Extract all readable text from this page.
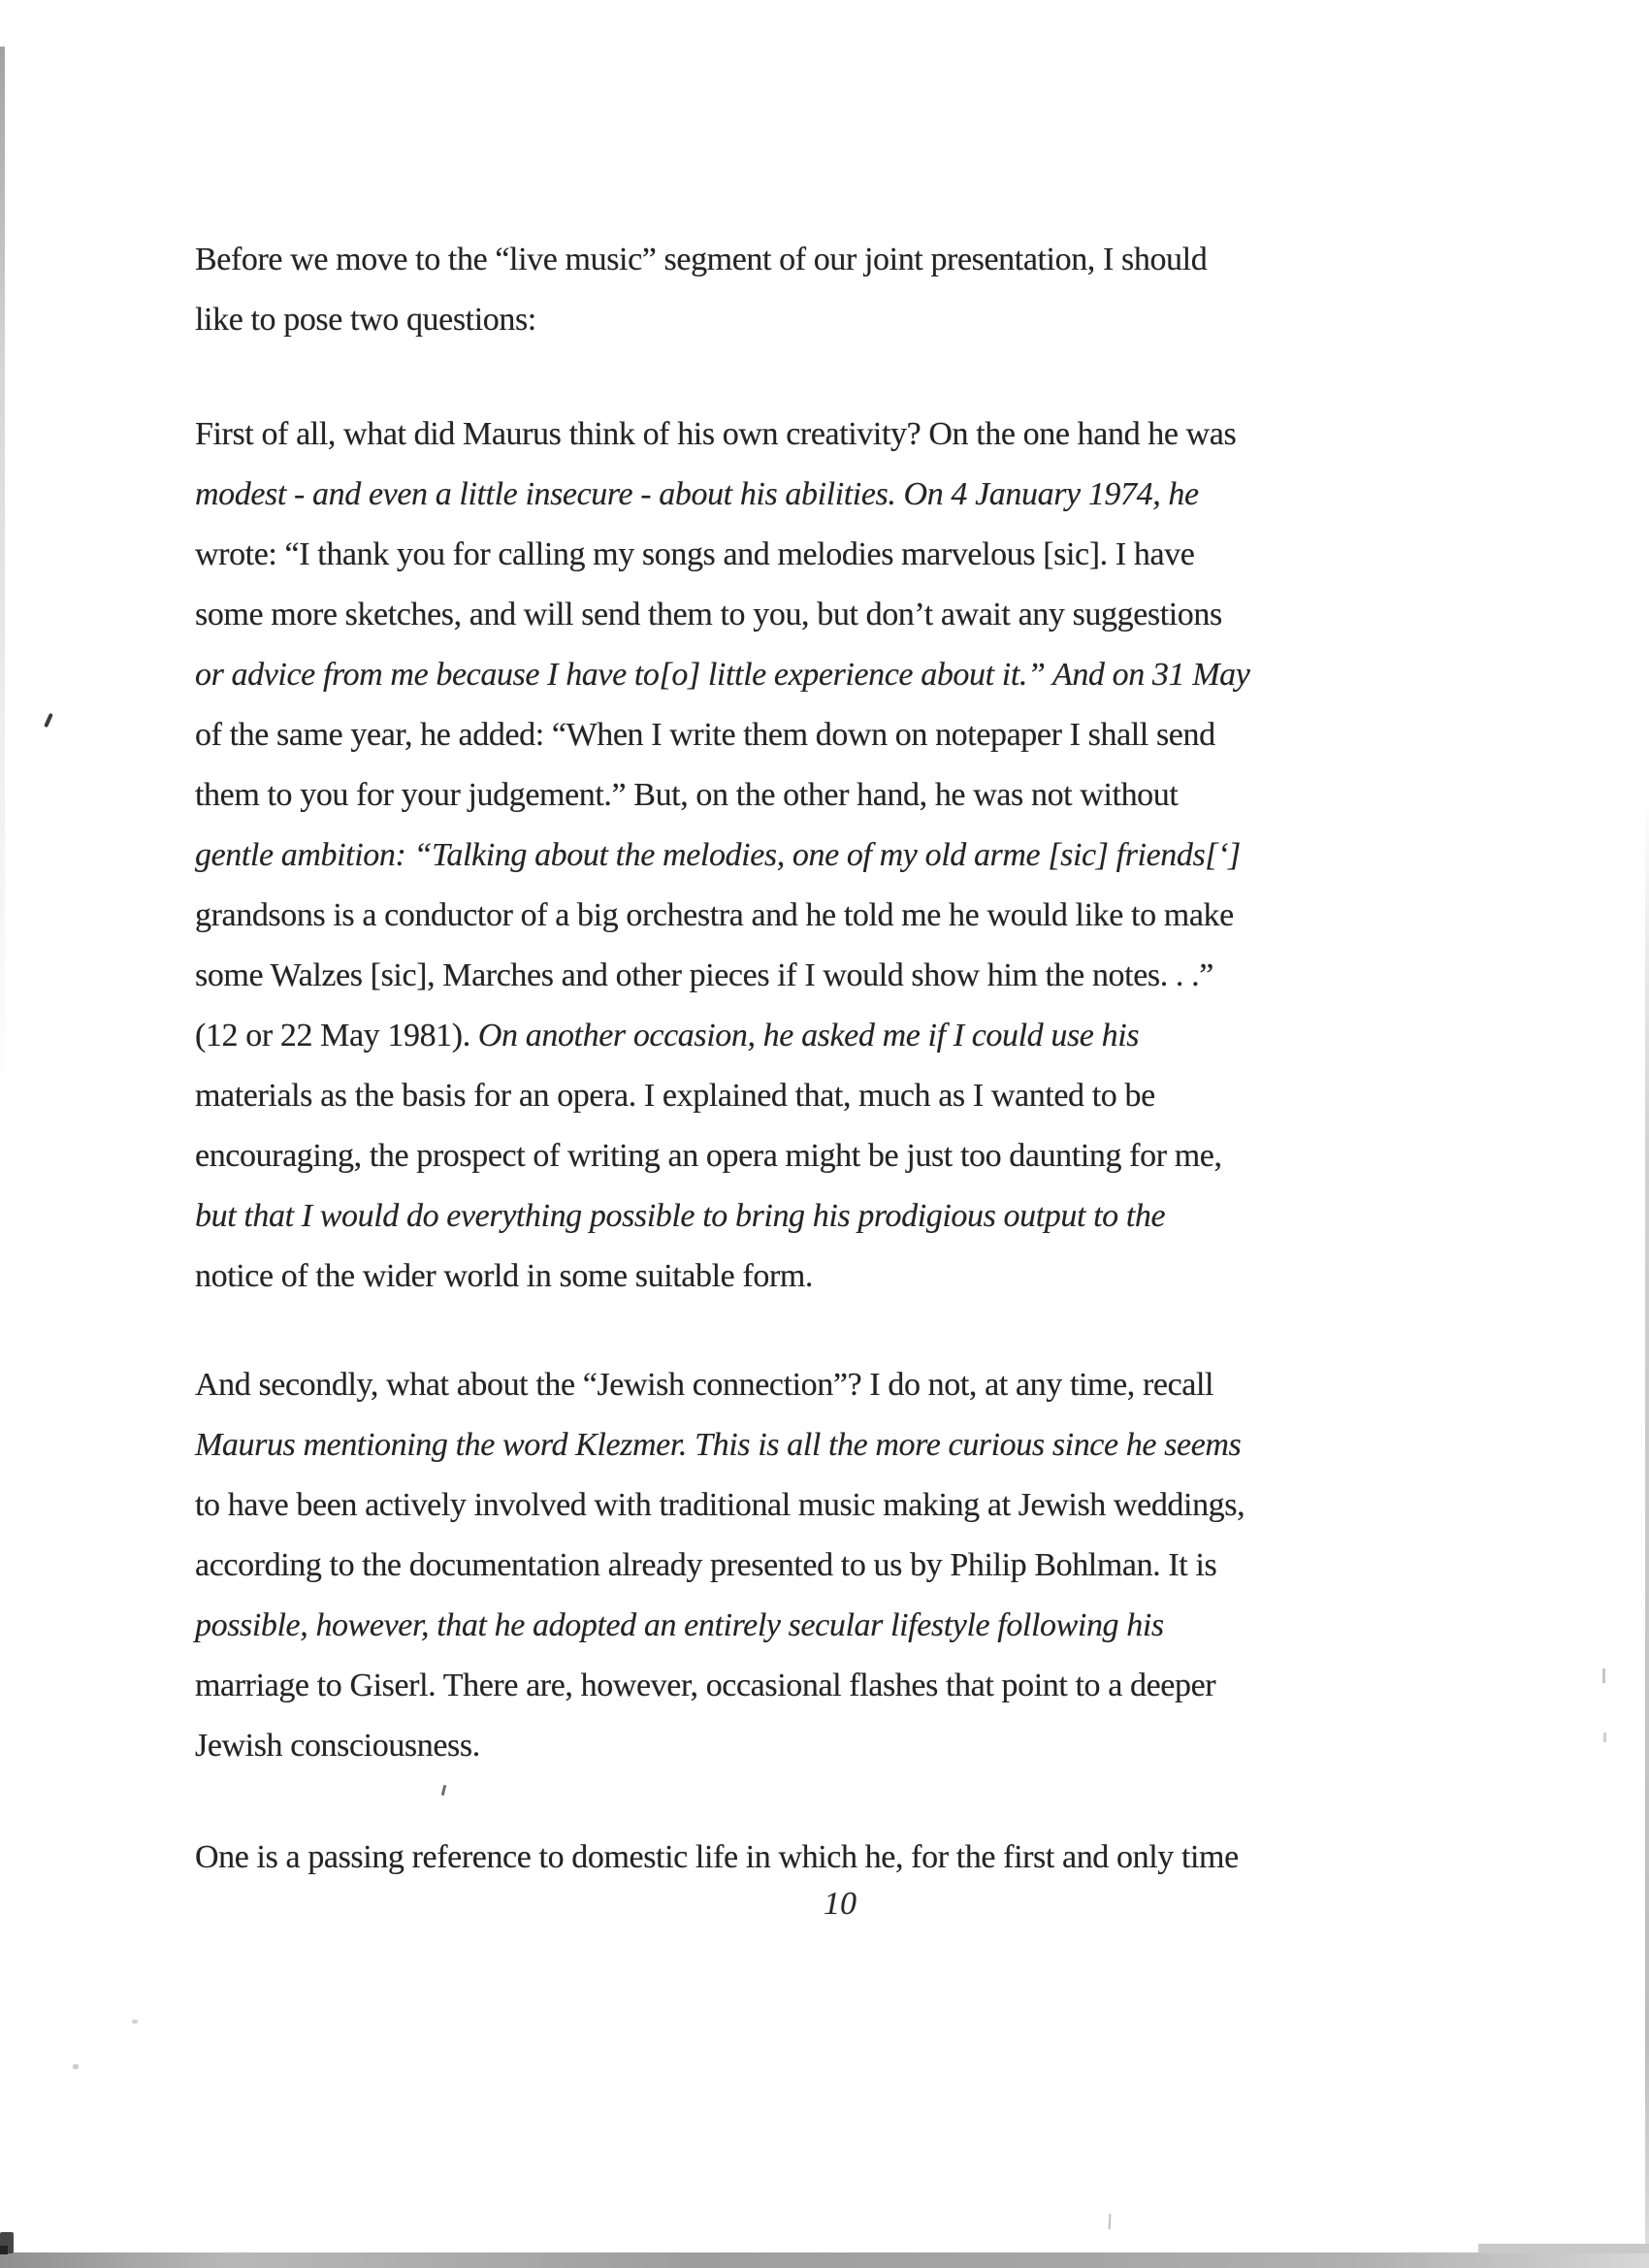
Before we move to the “live music” segment of our joint presentation, I should
like to pose two questions:
First of all, what did Maurus think of his own creativity? On the one hand he was
modest - and even a little insecure - about his abilities. On 4 January 1974, he
wrote: “I thank you for calling my songs and melodies marvelous [sic]. I have
some more sketches, and will send them to you, but don’t await any suggestions
or advice from me because I have to[o] little experience about it.” And on 31 May
of the same year, he added: “When I write them down on notepaper I shall send
them to you for your judgement.” But, on the other hand, he was not without
gentle ambition: “Talking about the melodies, one of my old arme [sic] friends[‘]
grandsons is a conductor of a big orchestra and he told me he would like to make
some Walzes [sic], Marches and other pieces if I would show him the notes. . .”
(12 or 22 May 1981). On another occasion, he asked me if I could use his
materials as the basis for an opera. I explained that, much as I wanted to be
encouraging, the prospect of writing an opera might be just too daunting for me,
but that I would do everything possible to bring his prodigious output to the
notice of the wider world in some suitable form.
And secondly, what about the “Jewish connection”? I do not, at any time, recall
Maurus mentioning the word Klezmer. This is all the more curious since he seems
to have been actively involved with traditional music making at Jewish weddings,
according to the documentation already presented to us by Philip Bohlman. It is
possible, however, that he adopted an entirely secular lifestyle following his
marriage to Giserl. There are, however, occasional flashes that point to a deeper
Jewish consciousness.
One is a passing reference to domestic life in which he, for the first and only time
10
